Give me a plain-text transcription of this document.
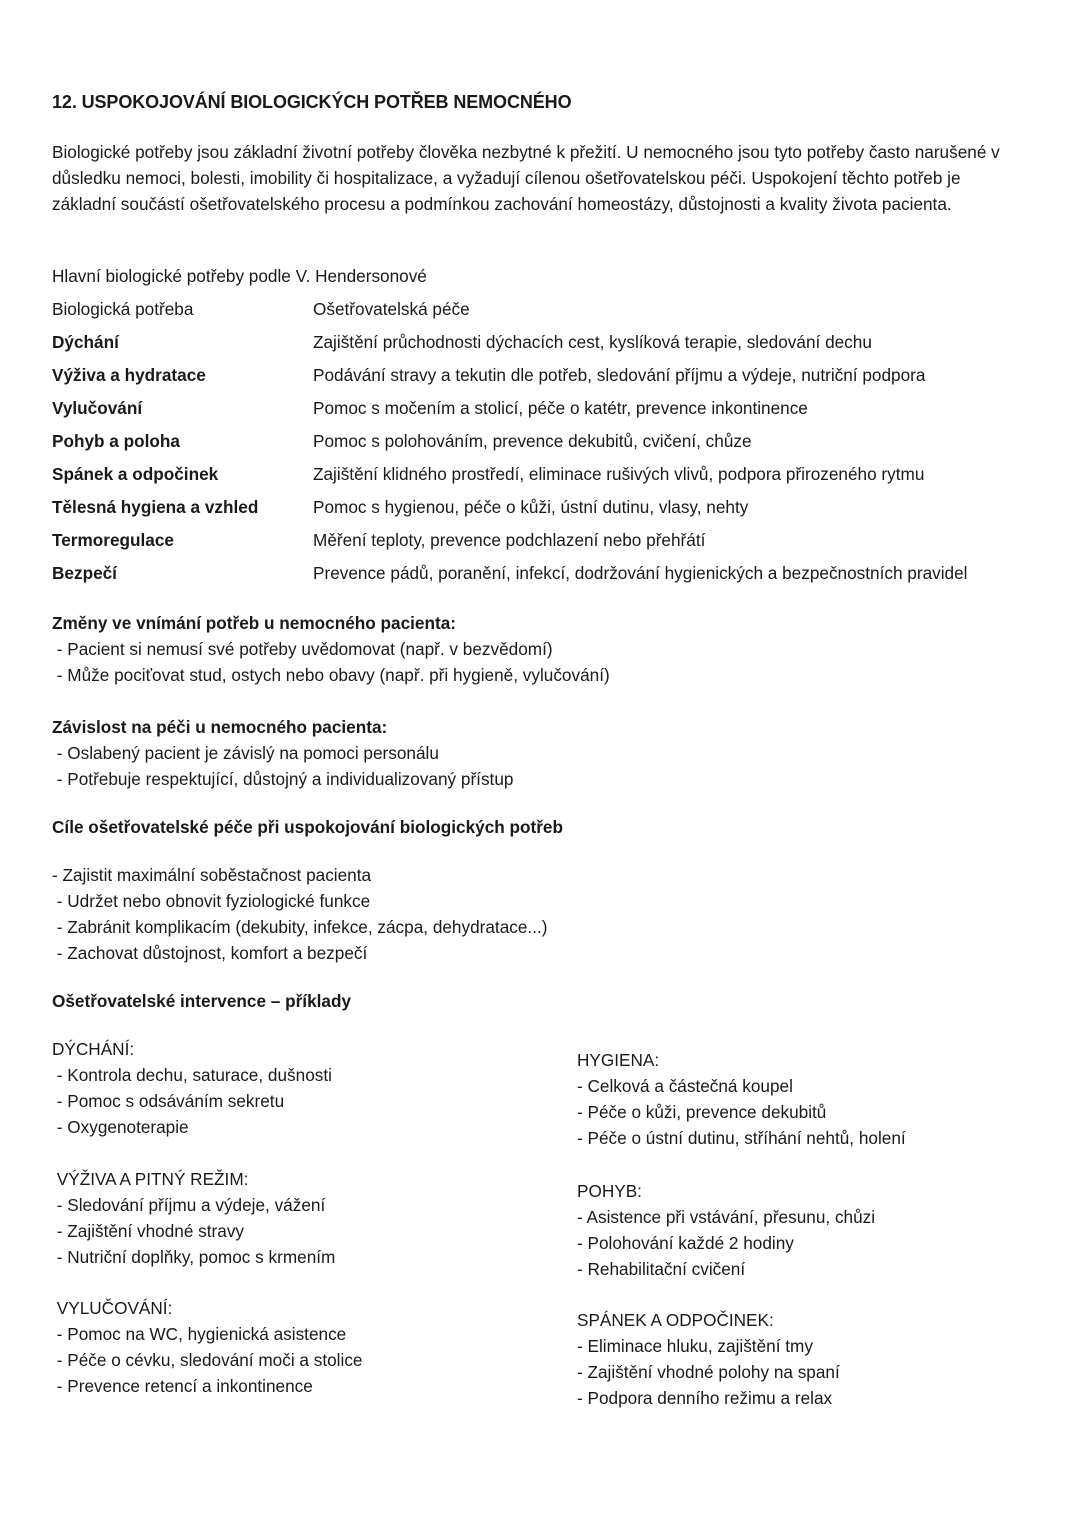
12. USPOKOJOVÁNÍ BIOLOGICKÝCH POTŘEB NEMOCNÉHO
Biologické potřeby jsou základní životní potřeby člověka nezbytné k přežití. U nemocného jsou tyto potřeby často narušené v důsledku nemoci, bolesti, imobility či hospitalizace, a vyžadují cílenou ošetřovatelskou péči. Uspokojení těchto potřeb je základní součástí ošetřovatelského procesu a podmínkou zachování homeostázy, důstojnosti a kvality života pacienta.
Hlavní biologické potřeby podle V. Hendersonové
Biologická potřeba	Ošetřovatelská péče
Dýchání	Zajištění průchodnosti dýchacích cest, kyslíková terapie, sledování dechu
Výživa a hydratace	Podávání stravy a tekutin dle potřeb, sledování příjmu a výdeje, nutriční podpora
Vylučování	Pomoc s močením a stolicí, péče o katétr, prevence inkontinence
Pohyb a poloha	Pomoc s polohováním, prevence dekubitů, cvičení, chůze
Spánek a odpočinek	Zajištění klidného prostředí, eliminace rušivých vlivů, podpora přirozeného rytmu
Tělesná hygiena a vzhled	Pomoc s hygienou, péče o kůži, ústní dutinu, vlasy, nehty
Termoregulace	Měření teploty, prevence podchlazení nebo přehřátí
Bezpečí	Prevence pádů, poranění, infekcí, dodržování hygienických a bezpečnostních pravidel
Změny ve vnímání potřeb u nemocného pacienta:
- Pacient si nemusí své potřeby uvědomovat (např. v bezvědomí)
- Může pociťovat stud, ostych nebo obavy (např. při hygieně, vylučování)
Závislost na péči u nemocného pacienta:
- Oslabený pacient je závislý na pomoci personálu
- Potřebuje respektující, důstojný a individualizovaný přístup
Cíle ošetřovatelské péče při uspokojování biologických potřeb
- Zajistit maximální soběstačnost pacienta
- Udržet nebo obnovit fyziologické funkce
- Zabránit komplikacím (dekubity, infekce, zácpa, dehydratace...)
- Zachovat důstojnost, komfort a bezpečí
Ošetřovatelské intervence – příklady
DÝCHÁNÍ:
- Kontrola dechu, saturace, dušnosti
- Pomoc s odsáváním sekretu
- Oxygenoterapie
VÝŽIVA A PITNÝ REŽIM:
- Sledování příjmu a výdeje, vážení
- Zajištění vhodné stravy
- Nutriční doplňky, pomoc s krmením
VYLUČOVÁNÍ:
- Pomoc na WC, hygienická asistence
- Péče o cévku, sledování moči a stolice
- Prevence retencí a inkontinence
HYGIENA:
- Celková a částečná koupel
- Péče o kůži, prevence dekubitů
- Péče o ústní dutinu, stříhání nehtů, holení
POHYB:
- Asistence při vstávání, přesunu, chůzi
- Polohování každé 2 hodiny
- Rehabilitační cvičení
SPÁNEK A ODPOČINEK:
- Eliminace hluku, zajištění tmy
- Zajištění vhodné polohy na spaní
- Podpora denního režimu a relax
